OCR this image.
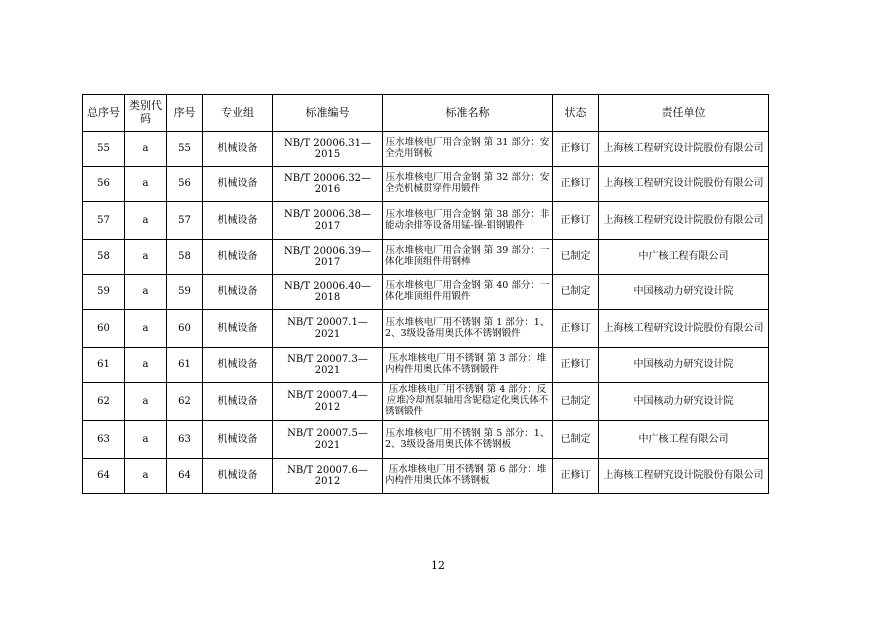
总序号	类别代码	序号	专业组	标准编号	标准名称	状态	责任单位
55	a	55	机械设备	NB/T 20006.31—2015	压水堆核电厂用合金钢 第 31 部分：安全壳用钢板	正修订	上海核工程研究设计院股份有限公司
56	a	56	机械设备	NB/T 20006.32—2016	压水堆核电厂用合金钢 第 32 部分：安全壳机械贯穿件用锻件	正修订	上海核工程研究设计院股份有限公司
57	a	57	机械设备	NB/T 20006.38—2017	压水堆核电厂用合金钢 第 38 部分：非能动余排等设备用锰-镍-钼钢锻件	正修订	上海核工程研究设计院股份有限公司
58	a	58	机械设备	NB/T 20006.39—2017	压水堆核电厂用合金钢 第 39 部分：一体化堆顶组件用钢棒	已制定	中广核工程有限公司
59	a	59	机械设备	NB/T 20006.40—2018	压水堆核电厂用合金钢 第 40 部分：一体化堆顶组件用锻件	已制定	中国核动力研究设计院
60	a	60	机械设备	NB/T 20007.1—2021	压水堆核电厂用不锈钢 第 1 部分：1、2、3级设备用奥氏体不锈钢锻件	正修订	上海核工程研究设计院股份有限公司
61	a	61	机械设备	NB/T 20007.3—2021	压水堆核电厂用不锈钢 第 3 部分：堆内构件用奥氏体不锈钢锻件	正修订	中国核动力研究设计院
62	a	62	机械设备	NB/T 20007.4—2012	压水堆核电厂用不锈钢 第 4 部分：反应堆冷却剂泵轴用含铌稳定化奥氏体不锈钢锻件	已制定	中国核动力研究设计院
63	a	63	机械设备	NB/T 20007.5—2021	压水堆核电厂用不锈钢 第 5 部分：1、2、3级设备用奥氏体不锈钢板	已制定	中广核工程有限公司
64	a	64	机械设备	NB/T 20007.6—2012	压水堆核电厂用不锈钢 第 6 部分：堆内构件用奥氏体不锈钢板	正修订	上海核工程研究设计院股份有限公司
12
